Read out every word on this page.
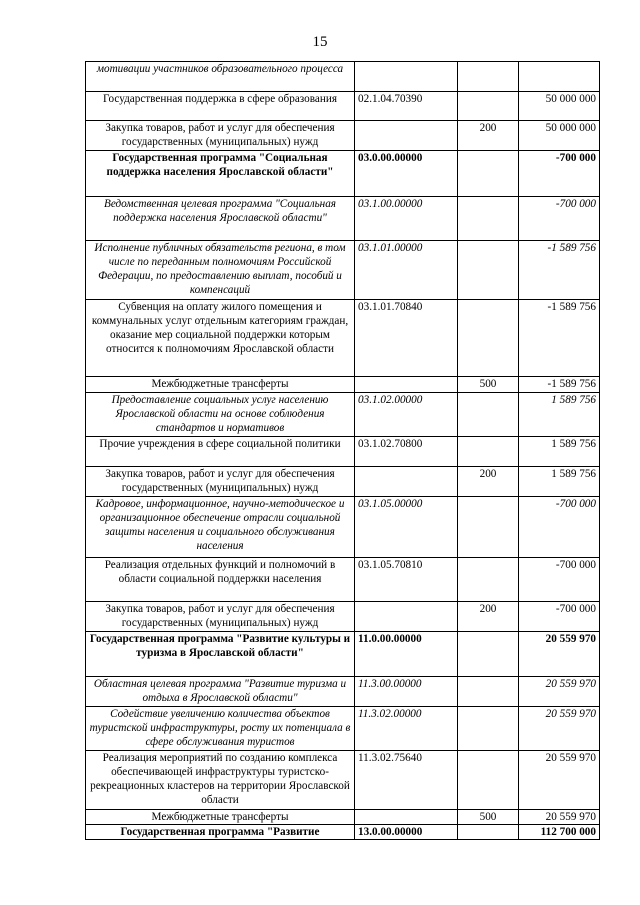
15
мотивации участников образовательного процесса			
Государственная поддержка в сфере образования	02.1.04.70390		50 000 000
Закупка товаров, работ и услуг для обеспечения государственных (муниципальных) нужд		200	50 000 000
Государственная программа "Социальная поддержка населения Ярославской области"	03.0.00.00000		-700 000
Ведомственная целевая программа "Социальная поддержка населения Ярославской области"	03.1.00.00000		-700 000
Исполнение публичных обязательств региона, в том числе по переданным полномочиям Российской Федерации, по предоставлению выплат, пособий и компенсаций	03.1.01.00000		-1 589 756
Субвенция на оплату жилого помещения и коммунальных услуг отдельным категориям граждан, оказание мер социальной поддержки которым относится к полномочиям Ярославской области	03.1.01.70840		-1 589 756
Межбюджетные трансферты		500	-1 589 756
Предоставление социальных услуг населению Ярославской области на основе соблюдения стандартов и нормативов	03.1.02.00000		1 589 756
Прочие учреждения в сфере социальной политики	03.1.02.70800		1 589 756
Закупка товаров, работ и услуг для обеспечения государственных (муниципальных) нужд		200	1 589 756
Кадровое, информационное, научно-методическое и организационное обеспечение отрасли социальной защиты населения и социального обслуживания населения	03.1.05.00000		-700 000
Реализация отдельных функций и полномочий в области социальной поддержки населения	03.1.05.70810		-700 000
Закупка товаров, работ и услуг для обеспечения государственных (муниципальных) нужд		200	-700 000
Государственная программа "Развитие культуры и туризма в Ярославской области"	11.0.00.00000		20 559 970
Областная целевая программа "Развитие туризма и отдыха в Ярославской области"	11.3.00.00000		20 559 970
Содействие увеличению количества объектов туристской инфраструктуры, росту их потенциала в сфере обслуживания туристов	11.3.02.00000		20 559 970
Реализация мероприятий по созданию комплекса обеспечивающей инфраструктуры туристско-рекреационных кластеров на территории Ярославской области	11.3.02.75640		20 559 970
Межбюджетные трансферты		500	20 559 970
Государственная программа "Развитие	13.0.00.00000		112 700 000
